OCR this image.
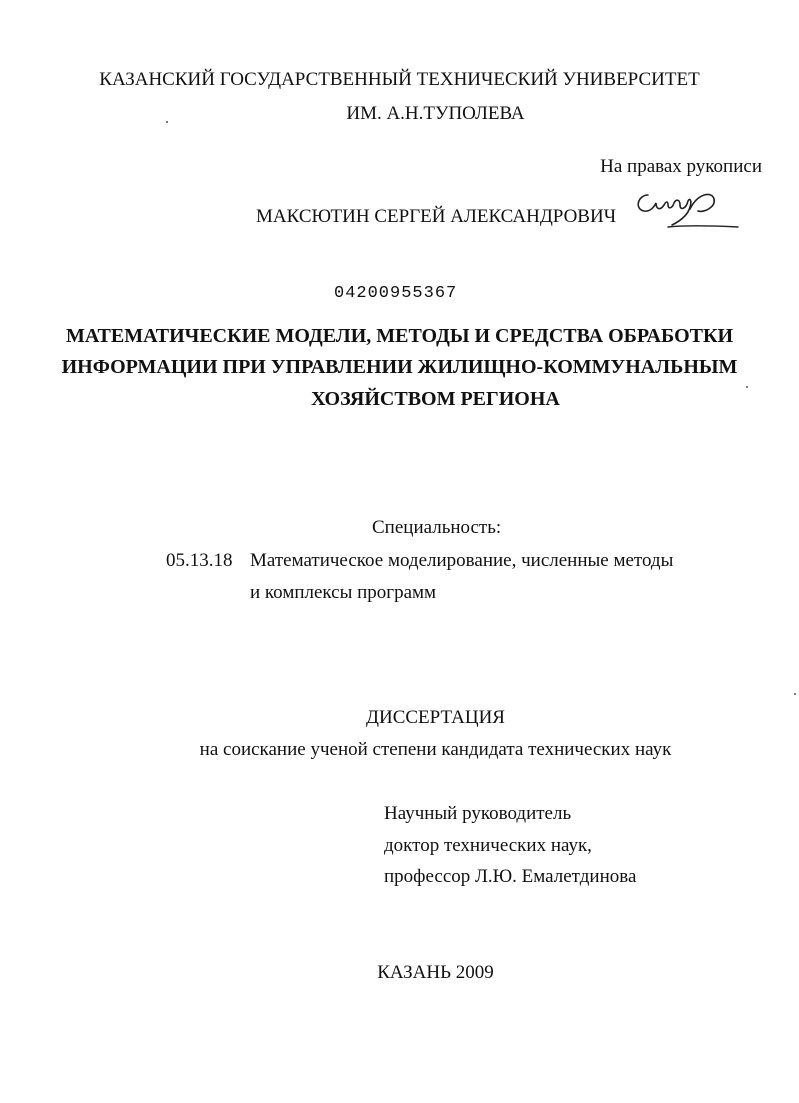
КАЗАНСКИЙ ГОСУДАРСТВЕННЫЙ ТЕХНИЧЕСКИЙ УНИВЕРСИТЕТ
ИМ. А.Н.ТУПОЛЕВА
На правах рукописи
МАКСЮТИН СЕРГЕЙ АЛЕКСАНДРОВИЧ
04200955367
МАТЕМАТИЧЕСКИЕ МОДЕЛИ, МЕТОДЫ И СРЕДСТВА ОБРАБОТКИ
ИНФОРМАЦИИ ПРИ УПРАВЛЕНИИ ЖИЛИЩНО-КОММУНАЛЬНЫМ
ХОЗЯЙСТВОМ РЕГИОНА
Специальность:
05.13.18 Математическое моделирование, численные методы
и комплексы программ
ДИССЕРТАЦИЯ
на соискание ученой степени кандидата технических наук
Научный руководитель
доктор технических наук,
профессор Л.Ю. Емалетдинова
КАЗАНЬ 2009
